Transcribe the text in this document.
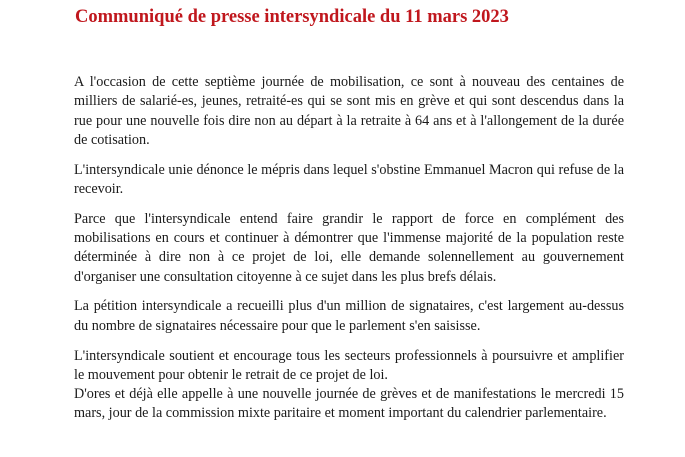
Communiqué de presse intersyndicale du 11 mars 2023

A l'occasion de cette septième journée de mobilisation, ce sont à nouveau des centaines de milliers de salarié-es, jeunes, retraité-es qui se sont mis en grève et qui sont descendus dans la rue pour une nouvelle fois dire non au départ à la retraite à 64 ans et à l'allongement de la durée de cotisation.

L'intersyndicale unie dénonce le mépris dans lequel s'obstine Emmanuel Macron qui refuse de la recevoir.

Parce que l'intersyndicale entend faire grandir le rapport de force en complément des mobilisations en cours et continuer à démontrer que l'immense majorité de la population reste déterminée à dire non à ce projet de loi, elle demande solennellement au gouvernement d'organiser une consultation citoyenne à ce sujet dans les plus brefs délais.

La pétition intersyndicale a recueilli plus d'un million de signataires, c'est largement au-dessus du nombre de signataires nécessaire pour que le parlement s'en saisisse.

L'intersyndicale soutient et encourage tous les secteurs professionnels à poursuivre et amplifier le mouvement pour obtenir le retrait de ce projet de loi.

D'ores et déjà elle appelle à une nouvelle journée de grèves et de manifestations le mercredi 15 mars, jour de la commission mixte paritaire et moment important du calendrier parlementaire.
